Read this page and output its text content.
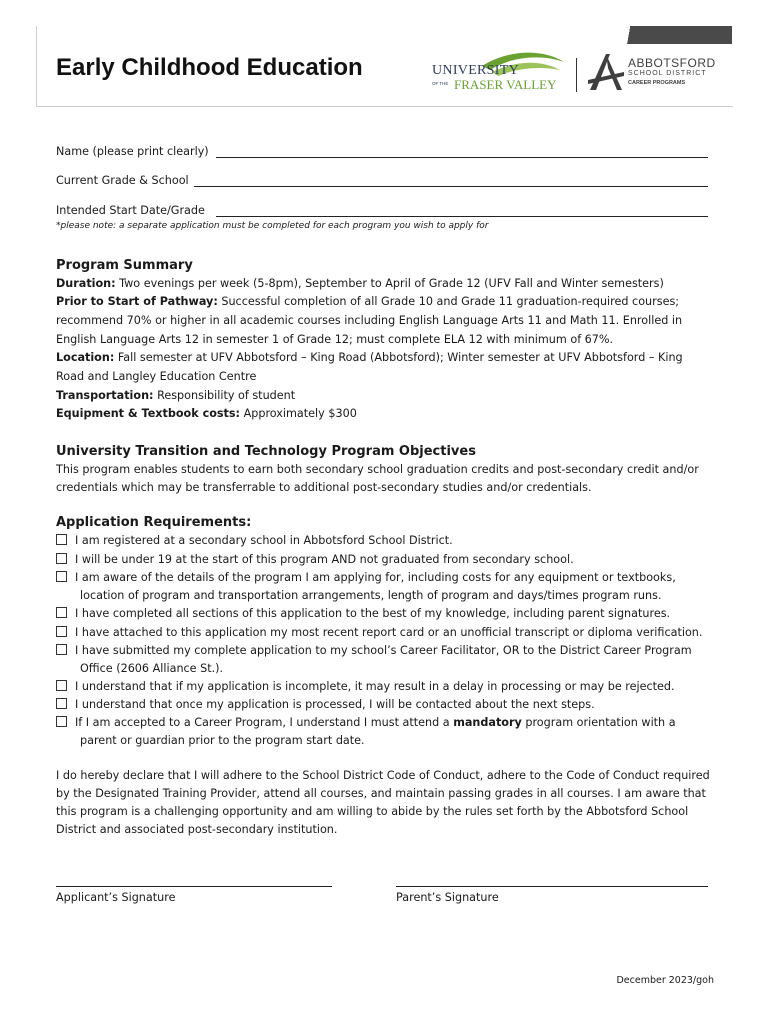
Early Childhood Education	UNIVERSITY
OF THE FRASER VALLEY
ABBOTSFORD
SCHOOL DISTRICT
CAREER PROGRAMS
Name (please print clearly)
Current Grade & School
Intended Start Date/Grade
*please note: a separate application must be completed for each program you wish to apply for
Program Summary
Duration: Two evenings per week (5-8pm), September to April of Grade 12 (UFV Fall and Winter semesters)
Prior to Start of Pathway: Successful completion of all Grade 10 and Grade 11 graduation-required courses;
recommend 70% or higher in all academic courses including English Language Arts 11 and Math 11. Enrolled in
English Language Arts 12 in semester 1 of Grade 12; must complete ELA 12 with minimum of 67%.
Location: Fall semester at UFV Abbotsford – King Road (Abbotsford); Winter semester at UFV Abbotsford – King
Road and Langley Education Centre
Transportation: Responsibility of student
Equipment & Textbook costs: Approximately $300
University Transition and Technology Program Objectives
This program enables students to earn both secondary school graduation credits and post-secondary credit and/or
credentials which may be transferrable to additional post-secondary studies and/or credentials.
Application Requirements:
I am registered at a secondary school in Abbotsford School District.
I will be under 19 at the start of this program AND not graduated from secondary school.
I am aware of the details of the program I am applying for, including costs for any equipment or textbooks,
location of program and transportation arrangements, length of program and days/times program runs.
I have completed all sections of this application to the best of my knowledge, including parent signatures.
I have attached to this application my most recent report card or an unofficial transcript or diploma verification.
I have submitted my complete application to my school’s Career Facilitator, OR to the District Career Program
Office (2606 Alliance St.).
I understand that if my application is incomplete, it may result in a delay in processing or may be rejected.
I understand that once my application is processed, I will be contacted about the next steps.
If I am accepted to a Career Program, I understand I must attend a mandatory program orientation with a
parent or guardian prior to the program start date.
I do hereby declare that I will adhere to the School District Code of Conduct, adhere to the Code of Conduct required
by the Designated Training Provider, attend all courses, and maintain passing grades in all courses. I am aware that
this program is a challenging opportunity and am willing to abide by the rules set forth by the Abbotsford School
District and associated post-secondary institution.
Applicant’s Signature	Parent’s Signature
December 2023/goh
